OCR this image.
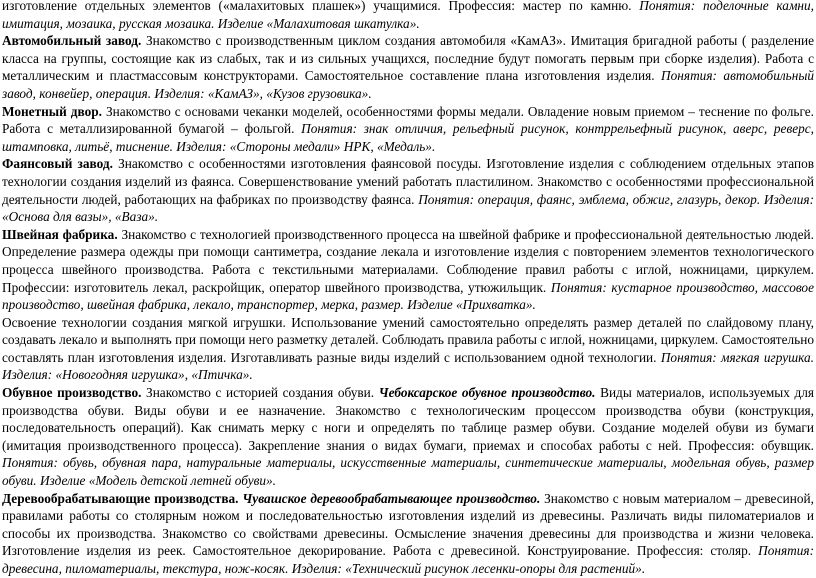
изготовление отдельных элементов («малахитовых плашек») учащимися. Профессия: мастер по камню. Понятия: поделочные камни, имитация, мозаика, русская мозаика. Изделие «Малахитовая шкатулка».

Автомобильный завод. Знакомство с производственным циклом создания автомобиля «КамАЗ». Имитация бригадной работы ( разделение класса на группы, состоящие как из слабых, так и из сильных учащихся, последние будут помогать первым при сборке изделия). Работа с металлическим и пластмассовым конструкторами. Самостоятельное составление плана изготовления изделия. Понятия: автомобильный завод, конвейер, операция. Изделия: «КамАЗ», «Кузов грузовика».

Монетный двор. Знакомство с основами чеканки моделей, особенностями формы медали. Овладение новым приемом – теснение по фольге. Работа с металлизированной бумагой – фольгой. Понятия: знак отличия, рельефный рисунок, контррельефный рисунок, аверс, реверс, штамповка, литьё, тиснение. Изделия: «Стороны медали» НРК, «Медаль».

Фаянсовый завод. Знакомство с особенностями изготовления фаянсовой посуды. Изготовление изделия с соблюдением отдельных этапов технологии создания изделий из фаянса. Совершенствование умений работать пластилином. Знакомство с особенностями профессиональной деятельности людей, работающих на фабриках по производству фаянса. Понятия: операция, фаянс, эмблема, обжиг, глазурь, декор. Изделия: «Основа для вазы», «Ваза».

Швейная фабрика. Знакомство с технологией производственного процесса на швейной фабрике и профессиональной деятельностью людей. Определение размера одежды при помощи сантиметра, создание лекала и изготовление изделия с повторением элементов технологического процесса швейного производства. Работа с текстильными материалами. Соблюдение правил работы с иглой, ножницами, циркулем. Профессии: изготовитель лекал, раскройщик, оператор швейного производства, утюжильщик. Понятия: кустарное производство, массовое производство, швейная фабрика, лекало, транспортер, мерка, размер. Изделие «Прихватка».

Освоение технологии создания мягкой игрушки. Использование умений самостоятельно определять размер деталей по слайдовому плану, создавать лекало и выполнять при помощи него разметку деталей. Соблюдать правила работы с иглой, ножницами, циркулем. Самостоятельно составлять план изготовления изделия. Изготавливать разные виды изделий с использованием одной технологии. Понятия: мягкая игрушка. Изделия: «Новогодняя игрушка», «Птичка».

Обувное производство. Знакомство с историей создания обуви. Чебоксарское обувное производство. Виды материалов, используемых для производства обуви. Виды обуви и ее назначение. Знакомство с технологическим процессом производства обуви (конструкция, последовательность операций). Как снимать мерку с ноги и определять по таблице размер обуви. Создание моделей обуви из бумаги (имитация производственного процесса). Закрепление знания о видах бумаги, приемах и способах работы с ней. Профессия: обувщик. Понятия: обувь, обувная пара, натуральные материалы, искусственные материалы, синтетические материалы, модельная обувь, размер обуви. Изделие «Модель детской летней обуви».

Деревообрабатывающие производства. Чувашское деревообрабатывающее производство. Знакомство с новым материалом – древесиной, правилами работы со столярным ножом и последовательностью изготовления изделий из древесины. Различать виды пиломатериалов и способы их производства. Знакомство со свойствами древесины. Осмысление значения древесины для производства и жизни человека. Изготовление изделия из реек. Самостоятельное декорирование. Работа с древесиной. Конструирование. Профессия: столяр. Понятия: древесина, пиломатериалы, текстура, нож-косяк. Изделия: «Технический рисунок лесенки-опоры для растений».
